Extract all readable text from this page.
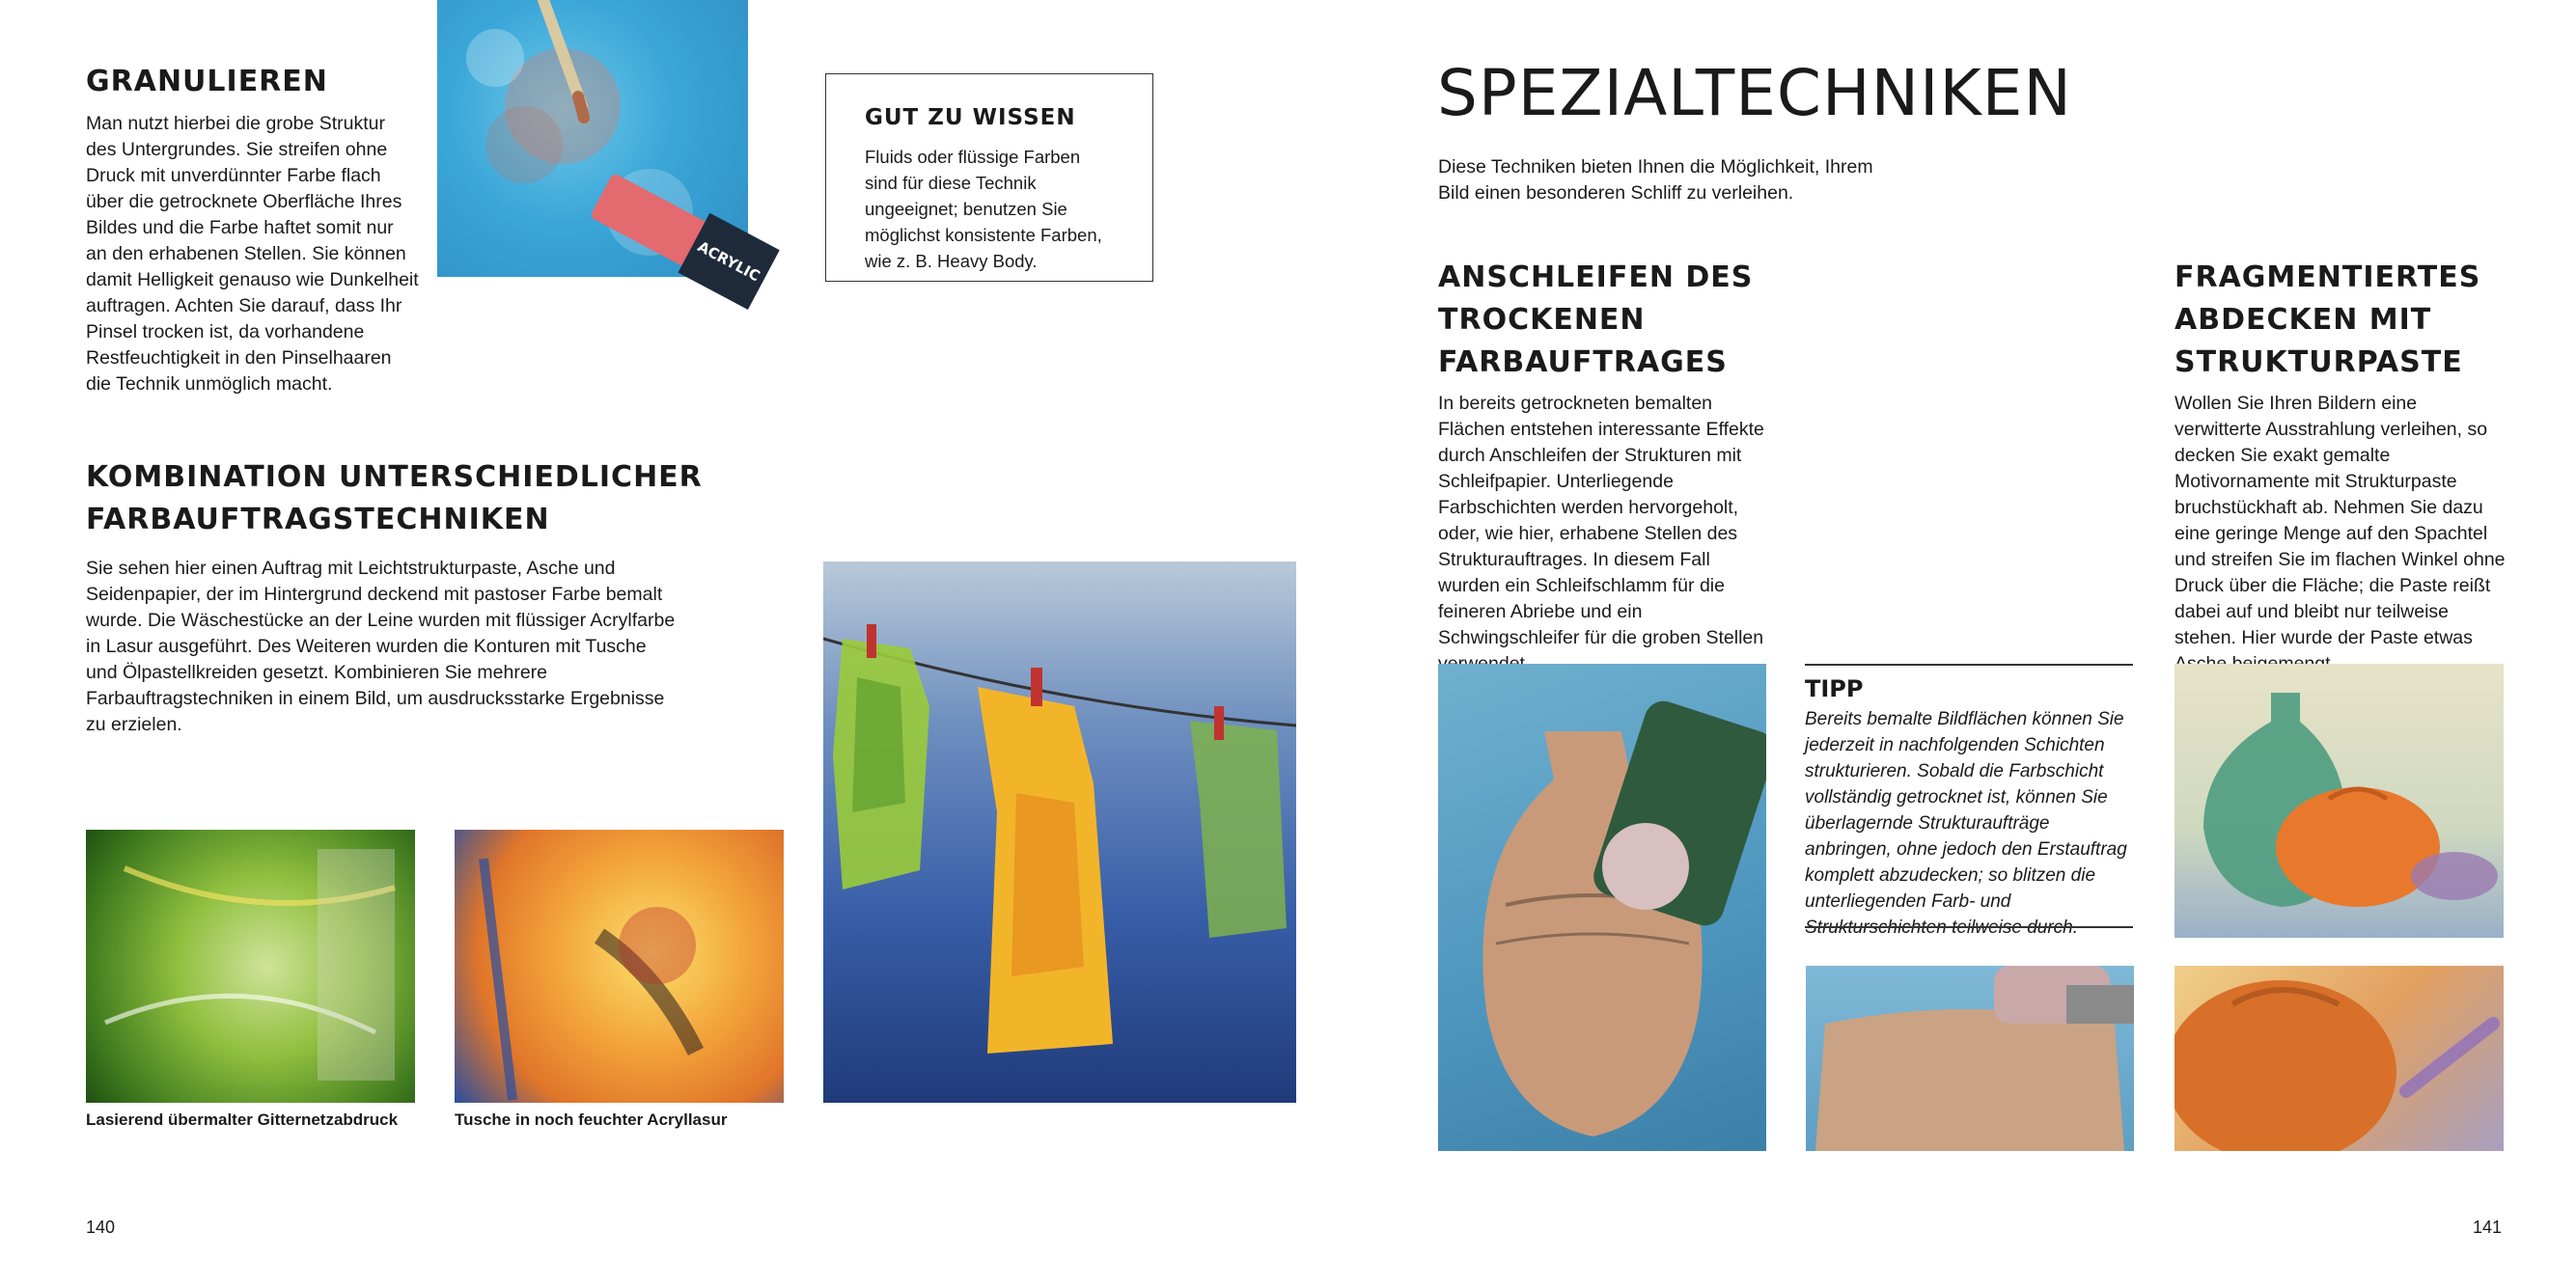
GRANULIEREN

Man nutzt hierbei die grobe Struktur des Untergrundes. Sie streifen ohne Druck mit unverdünnter Farbe flach über die getrocknete Oberfläche Ihres Bildes und die Farbe haftet somit nur an den erhabenen Stellen. Sie können damit Helligkeit genauso wie Dunkelheit auftragen. Achten Sie darauf, dass Ihr Pinsel trocken ist, da vorhandene Restfeuchtigkeit in den Pinselhaaren die Technik unmöglich macht.

ACRYLIC

GUT ZU WISSEN

Fluids oder flüssige Farben sind für diese Technik ungeeignet; benutzen Sie möglichst konsistente Farben, wie z. B. Heavy Body.

KOMBINATION UNTERSCHIEDLICHER
FARBAUFTRAGSTECHNIKEN

Sie sehen hier einen Auftrag mit Leichtstrukturpaste, Asche und Seidenpapier, der im Hintergrund deckend mit pastoser Farbe bemalt wurde. Die Wäschestücke an der Leine wurden mit flüssiger Acrylfarbe in Lasur ausgeführt. Des Weiteren wurden die Konturen mit Tusche und Ölpastellkreiden gesetzt. Kombinieren Sie mehrere Farbauftragstechniken in einem Bild, um ausdrucksstarke Ergebnisse zu erzielen.

Lasierend übermalter Gitternetzabdruck	Tusche in noch feuchter Acryllasur

140
SPEZIALTECHNIKEN

Diese Techniken bieten Ihnen die Möglichkeit, Ihrem Bild einen besonderen Schliff zu verleihen.

ANSCHLEIFEN DES
TROCKENEN
FARBAUFTRAGES

In bereits getrockneten bemalten Flächen entstehen interessante Effekte durch Anschleifen der Strukturen mit Schleifpapier. Unterliegende Farbschichten werden hervorgeholt, oder, wie hier, erhabene Stellen des Strukturauftrages. In diesem Fall wurden ein Schleifschlamm für die feineren Abriebe und ein Schwingschleifer für die groben Stellen

FRAGMENTIERTES
ABDECKEN MIT
STRUKTURPASTE

Wollen Sie Ihren Bildern eine verwitterte Ausstrahlung verleihen, so decken Sie exakt gemalte Motivornamente mit Strukturpaste bruchstückhaft ab. Nehmen Sie dazu eine geringe Menge auf den Spachtel und streifen Sie im flachen Winkel ohne Druck über die Fläche; die Paste reißt dabei auf und bleibt nur teilweise stehen. Hier wurde der Paste etwas

TIPP

Bereits bemalte Bildflächen können Sie jederzeit in nachfolgenden Schichten strukturieren. Sobald die Farbschicht vollständig getrocknet ist, können Sie überlagernde Strukturaufträge anbringen, ohne jedoch den Erstauftrag komplett abzudecken; so blitzen die unterliegenden Farb- und Strukturschichten teilweise durch.

141
